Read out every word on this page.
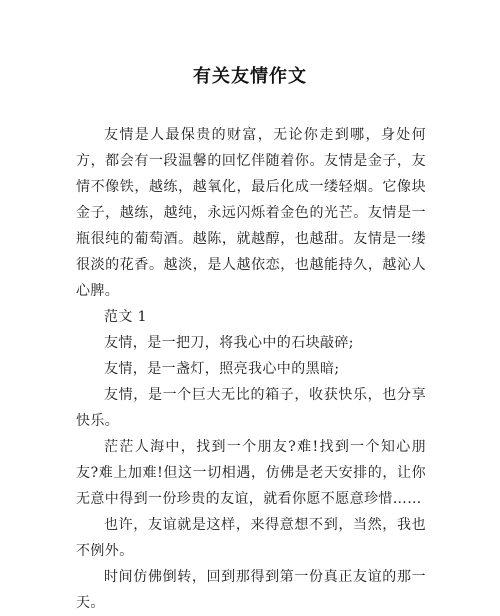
有关友情作文

友情是人最保贵的财富，无论你走到哪，身处何方，都会有一段温馨的回忆伴随着你。友情是金子，友情不像铁，越练，越氧化，最后化成一缕轻烟。它像块金子，越练，越纯，永远闪烁着金色的光芒。友情是一瓶很纯的葡萄酒。越陈，就越醇，也越甜。友情是一缕很淡的花香。越淡，是人越依恋，也越能持久，越沁人心脾。

范文 1

友情，是一把刀，将我心中的石块敲碎;

友情，是一盏灯，照亮我心中的黑暗;

友情，是一个巨大无比的箱子，收获快乐，也分享快乐。

茫茫人海中，找到一个朋友?难!找到一个知心朋友?难上加难!但这一切相遇，仿佛是老天安排的，让你无意中得到一份珍贵的友谊，就看你愿不愿意珍惜……

也许，友谊就是这样，来得意想不到，当然，我也不例外。

时间仿佛倒转，回到那得到第一份真正友谊的那一天。
